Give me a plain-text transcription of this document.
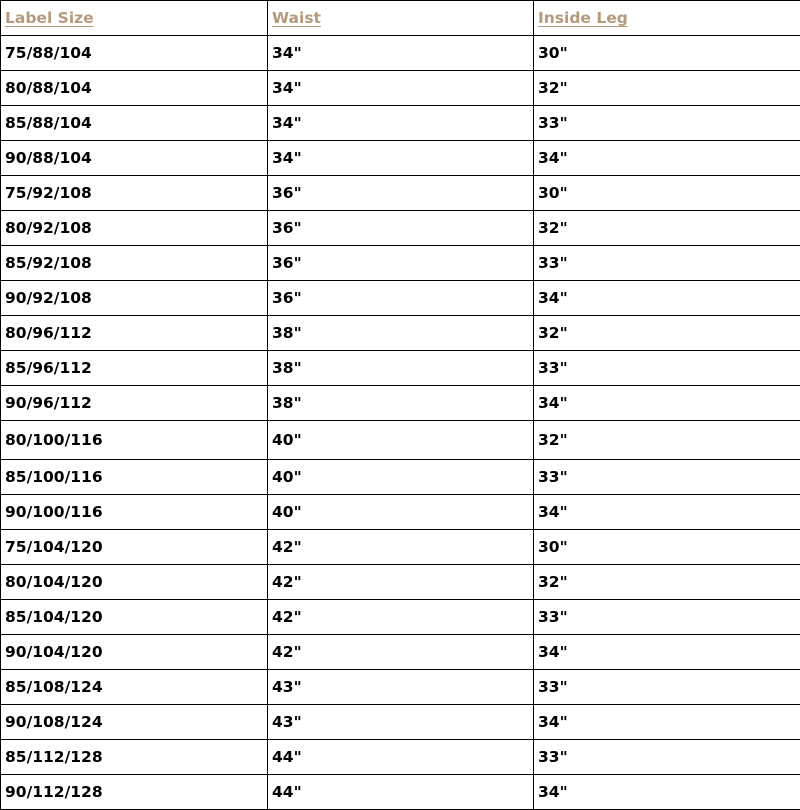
Label Size	Waist	Inside Leg
75/88/104	34"	30"
80/88/104	34"	32"
85/88/104	34"	33"
90/88/104	34"	34"
75/92/108	36"	30"
80/92/108	36"	32"
85/92/108	36"	33"
90/92/108	36"	34"
80/96/112	38"	32"
85/96/112	38"	33"
90/96/112	38"	34"
80/100/116	40"	32"
85/100/116	40"	33"
90/100/116	40"	34"
75/104/120	42"	30"
80/104/120	42"	32"
85/104/120	42"	33"
90/104/120	42"	34"
85/108/124	43"	33"
90/108/124	43"	34"
85/112/128	44"	33"
90/112/128	44"	34"
